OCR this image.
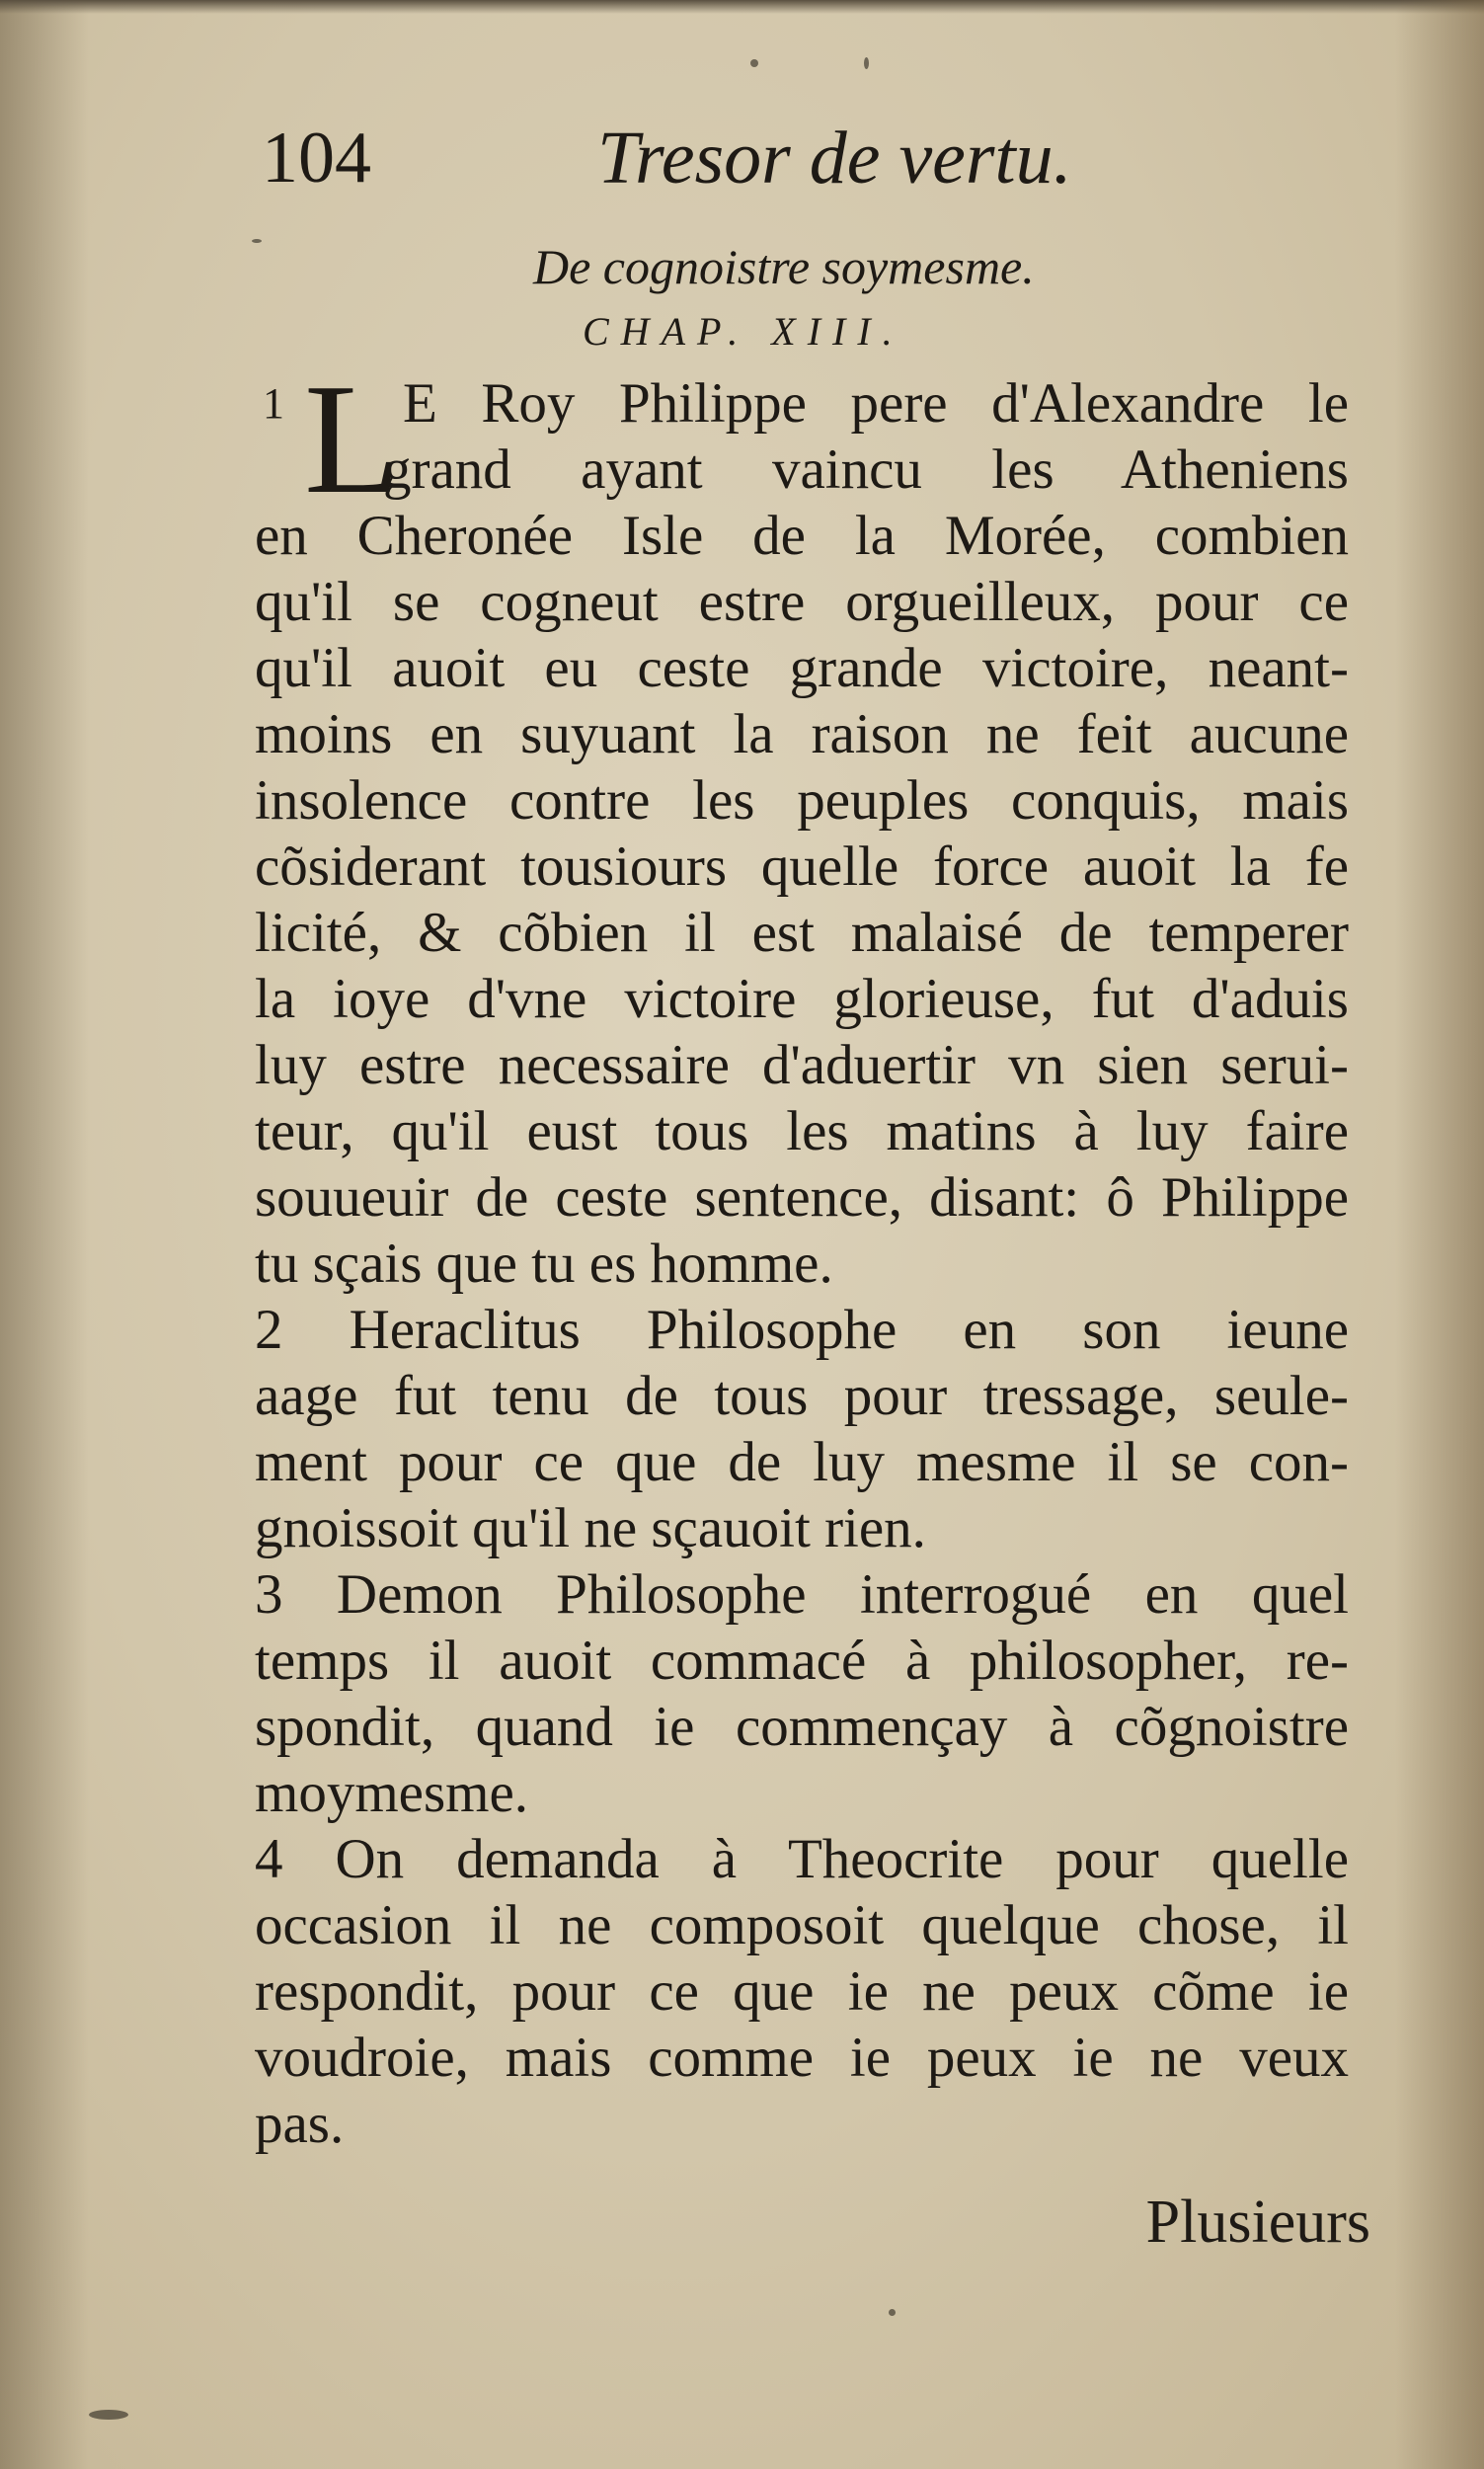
104	Tresor de vertu.
De cognoistre soymesme.
CHAP. XIII.
1 L E Roy Philippe pere d'Alexandre le
grand ayant vaincu les Atheniens
en Cheronée Isle de la Morée, combien
qu'il se cogneut estre orgueilleux, pour ce
qu'il auoit eu ceste grande victoire, neant-
moins en suyuant la raison ne feit aucune
insolence contre les peuples conquis, mais
cõsiderant tousiours quelle force auoit la fe
licité, & cõbien il est malaisé de temperer
la ioye d'vne victoire glorieuse, fut d'aduis
luy estre necessaire d'aduertir vn sien serui-
teur, qu'il eust tous les matins à luy faire
souueuir de ceste sentence, disant: ô Philippe
tu sçais que tu es homme.
2 Heraclitus Philosophe en son ieune
aage fut tenu de tous pour tressage, seule-
ment pour ce que de luy mesme il se con-
gnoissoit qu'il ne sçauoit rien.
3 Demon Philosophe interrogué en quel
temps il auoit commacé à philosopher, re-
spondit, quand ie commençay à cõgnoistre
moymesme.
4 On demanda à Theocrite pour quelle
occasion il ne composoit quelque chose, il
respondit, pour ce que ie ne peux cõme ie
voudroie, mais comme ie peux ie ne veux
pas.
Plusieurs
